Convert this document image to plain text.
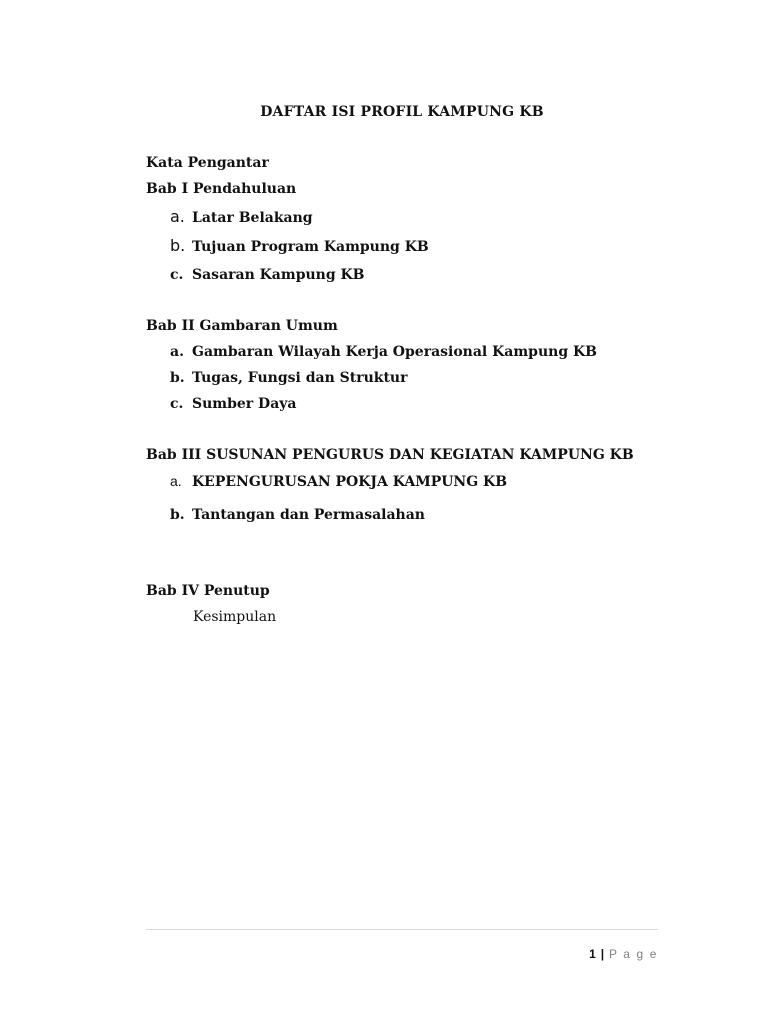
DAFTAR ISI PROFIL KAMPUNG KB
Kata Pengantar
Bab I Pendahuluan
a. Latar Belakang
b. Tujuan Program Kampung KB
c. Sasaran Kampung KB
Bab II Gambaran Umum
a. Gambaran Wilayah Kerja Operasional Kampung KB
b. Tugas, Fungsi dan Struktur
c. Sumber Daya
Bab III SUSUNAN PENGURUS DAN KEGIATAN KAMPUNG KB
a. KEPENGURUSAN POKJA KAMPUNG KB
b. Tantangan dan Permasalahan
Bab IV Penutup
Kesimpulan
1 | P a g e
